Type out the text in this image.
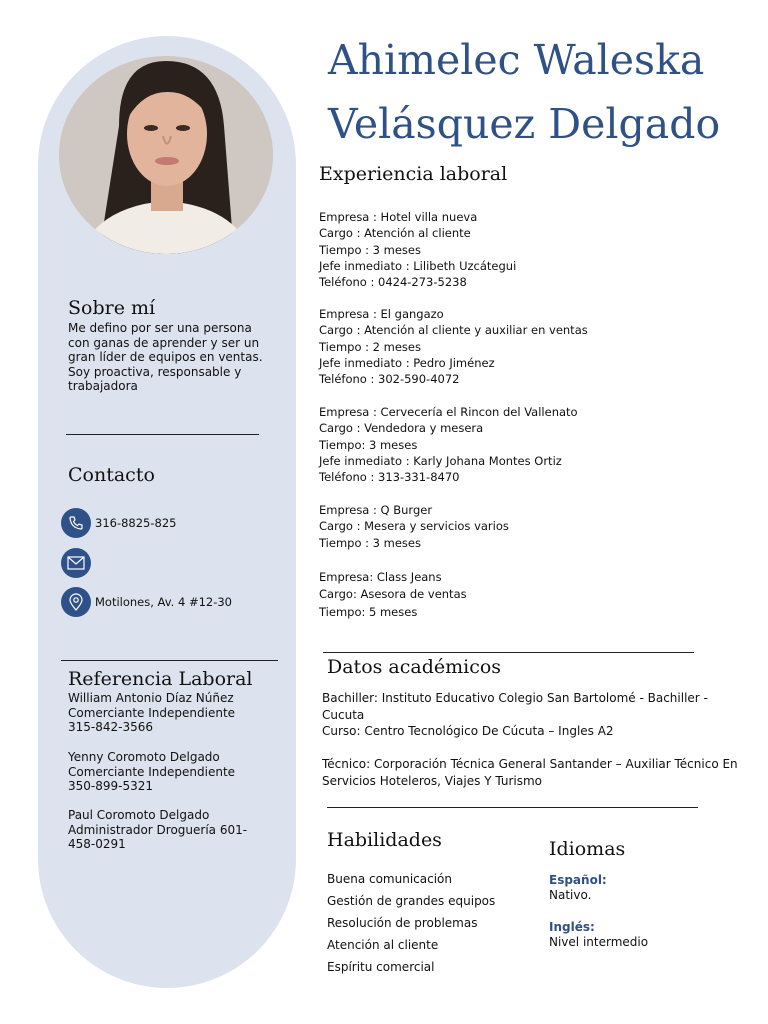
Sobre mí
Me defino por ser una persona con ganas de aprender y ser un gran líder de equipos en ventas. Soy proactiva, responsable y trabajadora
Contacto
316-8825-825
Motilones, Av. 4 #12-30
Referencia Laboral
William Antonio Díaz Núñez
Comerciante Independiente
315-842-3566
Yenny Coromoto Delgado
Comerciante Independiente
350-899-5321
Paul Coromoto Delgado
Administrador Droguería 601-
458-0291
Ahimelec Waleska
Velásquez Delgado
Experiencia laboral
Empresa : Hotel villa nueva
Cargo : Atención al cliente
Tiempo : 3 meses
Jefe inmediato : Lilibeth Uzcátegui
Teléfono : 0424-273-5238
Empresa : El gangazo
Cargo : Atención al cliente y auxiliar en ventas
Tiempo : 2 meses
Jefe inmediato : Pedro Jiménez
Teléfono : 302-590-4072
Empresa : Cervecería el Rincon del Vallenato
Cargo : Vendedora y mesera
Tiempo: 3 meses
Jefe inmediato : Karly Johana Montes Ortiz
Teléfono : 313-331-8470
Empresa : Q Burger
Cargo : Mesera y servicios varios
Tiempo : 3 meses
Empresa: Class Jeans
Cargo: Asesora de ventas
Tiempo: 5 meses
Datos académicos
Bachiller: Instituto Educativo Colegio San Bartolomé - Bachiller - Cucuta
Curso: Centro Tecnológico De Cúcuta – Ingles A2
Técnico: Corporación Técnica General Santander – Auxiliar Técnico En Servicios Hoteleros, Viajes Y Turismo
Habilidades
Buena comunicación
Gestión de grandes equipos
Resolución de problemas
Atención al cliente
Espíritu comercial
Idiomas
Español:
Nativo.
Inglés:
Nivel intermedio
